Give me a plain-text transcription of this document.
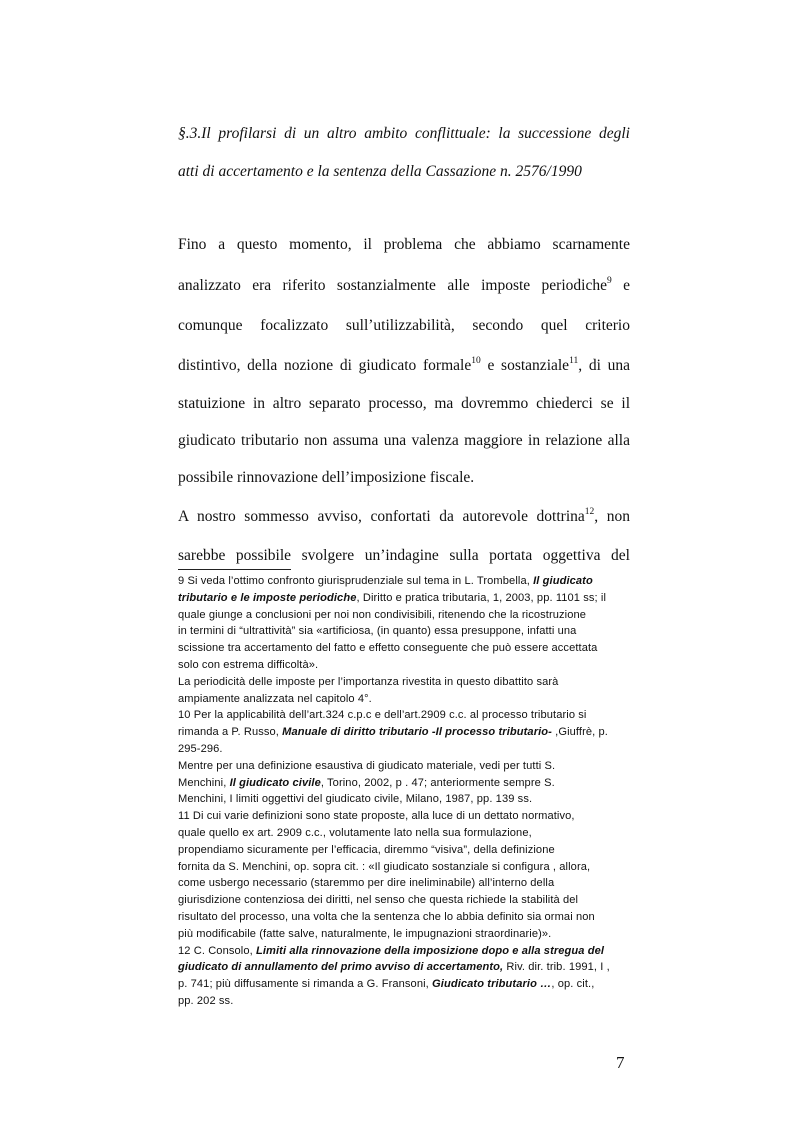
§.3.Il profilarsi di un altro ambito conflittuale: la successione degli
atti di accertamento e la sentenza della Cassazione n. 2576/1990
Fino a questo momento, il problema che abbiamo scarnamente
analizzato era riferito sostanzialmente alle imposte periodiche$^9$ e
comunque focalizzato sull’utilizzabilità, secondo quel criterio
distintivo, della nozione di giudicato formale$^{10}$ e sostanziale$^{11}$, di una
statuizione in altro separato processo, ma dovremmo chiederci se il
giudicato tributario non assuma una valenza maggiore in relazione alla
possibile rinnovazione dell’imposizione fiscale.
A nostro sommesso avviso, confortati da autorevole dottrina$^{12}$, non
sarebbe possibile svolgere un’indagine sulla portata oggettiva del
9 Si veda l’ottimo confronto giurisprudenziale sul tema in L. Trombella, Il giudicato
tributario e le imposte periodiche, Diritto e pratica tributaria, 1, 2003, pp. 1101 ss; il
quale giunge a conclusioni per noi non condivisibili, ritenendo che la ricostruzione
in termini di “ultrattività” sia «artificiosa, (in quanto) essa presuppone, infatti una
scissione tra accertamento del fatto e effetto conseguente che può essere accettata
solo con estrema difficoltà».
La periodicità delle imposte per l’importanza rivestita in questo dibattito sarà
ampiamente analizzata nel capitolo 4°.
10 Per la applicabilità dell’art.324 c.p.c e dell’art.2909 c.c. al processo tributario si
rimanda a P. Russo, Manuale di diritto tributario -Il processo tributario- ,Giuffrè, p.
295-296.
Mentre per una definizione esaustiva di giudicato materiale, vedi per tutti S.
Menchini, Il giudicato civile, Torino, 2002, p . 47; anteriormente sempre S.
Menchini, I limiti oggettivi del giudicato civile, Milano, 1987, pp. 139 ss.
11 Di cui varie definizioni sono state proposte, alla luce di un dettato normativo,
quale quello ex art. 2909 c.c., volutamente lato nella sua formulazione,
propendiamo sicuramente per l’efficacia, diremmo “visiva”, della definizione
fornita da S. Menchini, op. sopra cit. : «Il giudicato sostanziale si configura , allora,
come usbergo necessario (staremmo per dire ineliminabile) all’interno della
giurisdizione contenziosa dei diritti, nel senso che questa richiede la stabilità del
risultato del processo, una volta che la sentenza che lo abbia definito sia ormai non
più modificabile (fatte salve, naturalmente, le impugnazioni straordinarie)».
12 C. Consolo, Limiti alla rinnovazione della imposizione dopo e alla stregua del
giudicato di annullamento del primo avviso di accertamento, Riv. dir. trib. 1991, I ,
p. 741; più diffusamente si rimanda a G. Fransoni, Giudicato tributario …, op. cit.,
pp. 202 ss.
7
